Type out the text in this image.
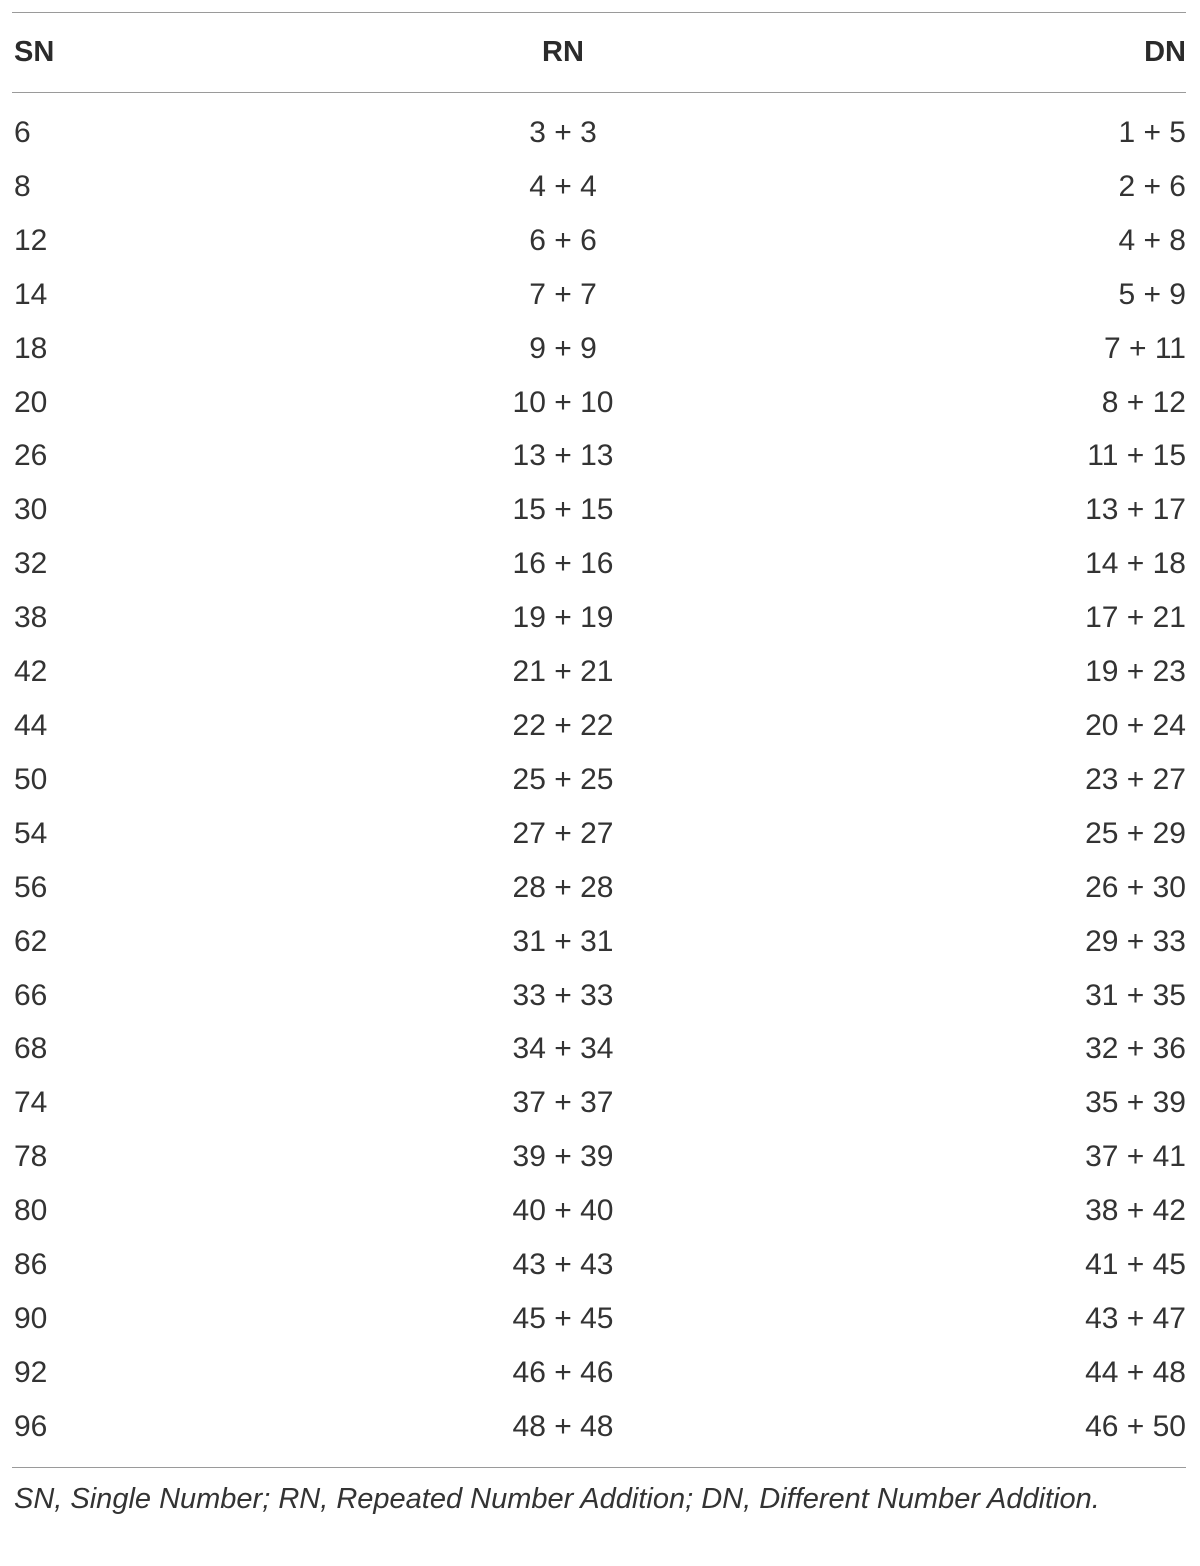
SN	RN	DN
6	3 + 3	1 + 5
8	4 + 4	2 + 6
12	6 + 6	4 + 8
14	7 + 7	5 + 9
18	9 + 9	7 + 11
20	10 + 10	8 + 12
26	13 + 13	11 + 15
30	15 + 15	13 + 17
32	16 + 16	14 + 18
38	19 + 19	17 + 21
42	21 + 21	19 + 23
44	22 + 22	20 + 24
50	25 + 25	23 + 27
54	27 + 27	25 + 29
56	28 + 28	26 + 30
62	31 + 31	29 + 33
66	33 + 33	31 + 35
68	34 + 34	32 + 36
74	37 + 37	35 + 39
78	39 + 39	37 + 41
80	40 + 40	38 + 42
86	43 + 43	41 + 45
90	45 + 45	43 + 47
92	46 + 46	44 + 48
96	48 + 48	46 + 50
SN, Single Number; RN, Repeated Number Addition; DN, Different Number Addition.
